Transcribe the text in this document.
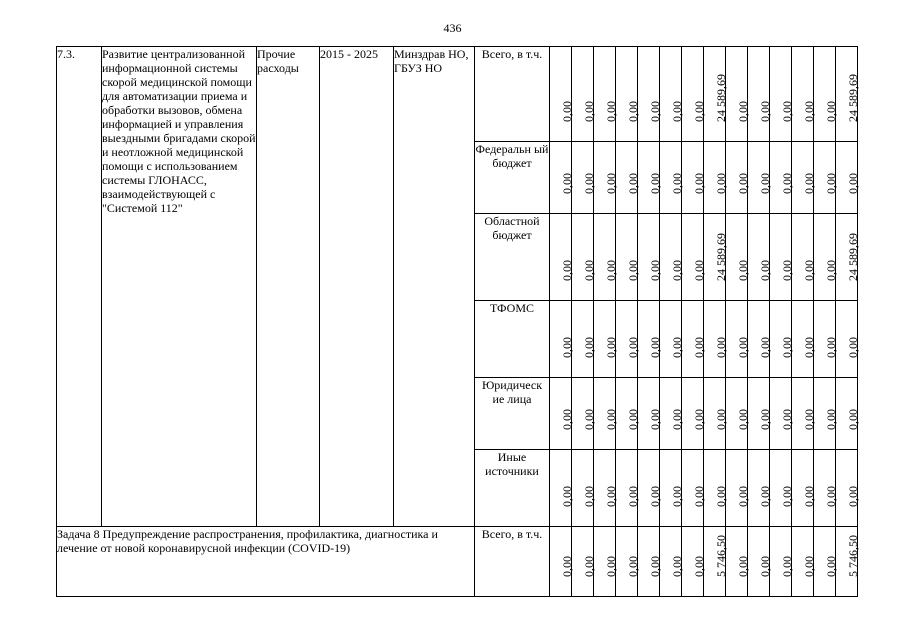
436
7.3.	Развитие централизованной информационной системы скорой медицинской помощи для автоматизации приема и обработки вызовов, обмена информацией и управления выездными бригадами скорой и неотложной медицинской помощи с использованием системы ГЛОНАСС, взаимодействующей с "Системой 112"	Прочие расходы	2015 - 2025	Минздрав НО, ГБУЗ НО	Всего, в т.ч.	0,00	0,00	0,00	0,00	0,00	0,00	0,00	24 589,69	0,00	0,00	0,00	0,00	0,00	24 589,69

					Федеральн ый бюджет	0,00	0,00	0,00	0,00	0,00	0,00	0,00	0,00	0,00	0,00	0,00	0,00	0,00	0,00

					Областной бюджет	0,00	0,00	0,00	0,00	0,00	0,00	0,00	24 589,69	0,00	0,00	0,00	0,00	0,00	24 589,69

					ТФОМС	0,00	0,00	0,00	0,00	0,00	0,00	0,00	0,00	0,00	0,00	0,00	0,00	0,00	0,00

					Юридическ ие лица	0,00	0,00	0,00	0,00	0,00	0,00	0,00	0,00	0,00	0,00	0,00	0,00	0,00	0,00

					Иные источники	0,00	0,00	0,00	0,00	0,00	0,00	0,00	0,00	0,00	0,00	0,00	0,00	0,00	0,00

Задача 8 Предупреждение распространения, профилактика, диагностика и лечение от новой коронавирусной инфекции (COVID-19)					Всего, в т.ч.	0,00	0,00	0,00	0,00	0,00	0,00	0,00	5 746,50	0,00	0,00	0,00	0,00	0,00	5 746,50
